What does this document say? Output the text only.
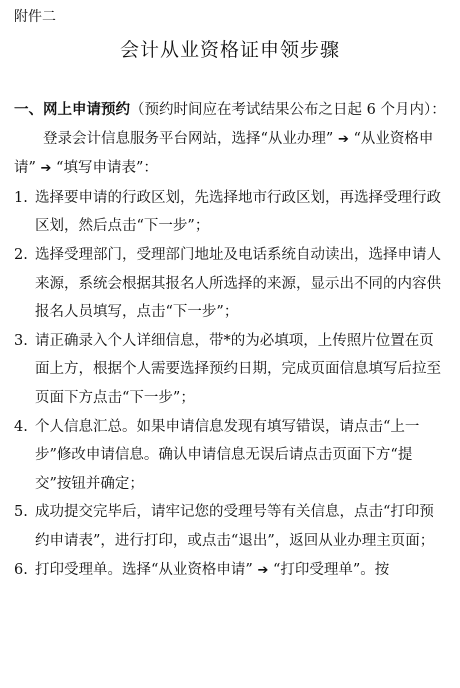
附件二

会计从业资格证申领步骤

一、网上申请预约（预约时间应在考试结果公布之日起 6 个月内）：

登录会计信息服务平台网站，选择“从业办理” ➔ “从业资格申请” ➔ “填写申请表”：

1. 选择要申请的行政区划，先选择地市行政区划，再选择受理行政区划，然后点击“下一步”；
2. 选择受理部门，受理部门地址及电话系统自动读出，选择申请人来源，系统会根据其报名人所选择的来源，显示出不同的内容供报名人员填写，点击“下一步”；
3. 请正确录入个人详细信息，带*的为必填项，上传照片位置在页面上方，根据个人需要选择预约日期，完成页面信息填写后拉至页面下方点击“下一步”；
4. 个人信息汇总。如果申请信息发现有填写错误，请点击“上一步”修改申请信息。确认申请信息无误后请点击页面下方“提交”按钮并确定；
5. 成功提交完毕后，请牢记您的受理号等有关信息，点击“打印预约申请表”，进行打印，或点击“退出”，返回从业办理主页面；
6. 打印受理单。选择“从业资格申请” ➔ “打印受理单”。按
